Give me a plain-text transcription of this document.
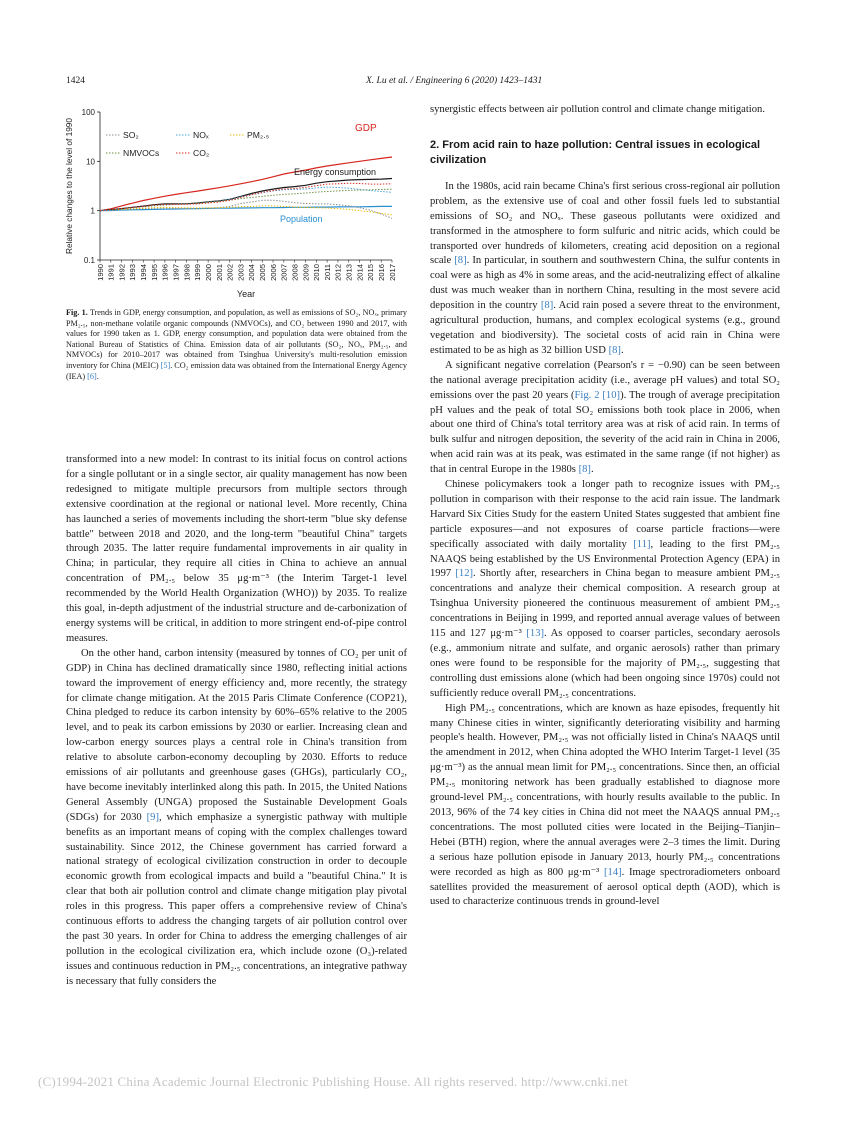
1424	X. Lu et al. / Engineering 6 (2020) 1423–1431
0.1
1
10
100
1990 1991 1992 1993 1994 1995 1996 1997 1998 1999 2000 2001 2002 2003 2004 2005 2006 2007 2008 2009 2010 2011 2012 2013 2014 2015 2016 2017
Year
Relative changes to the level of 1990	SO₂	NOₓ	PM₂.₅
NMVOCs	CO₂
GDP
Energy consumption
Population
Fig. 1. Trends in GDP, energy consumption, and population, as well as emissions of SO₂, NOₓ, primary PM₂.₅, non-methane volatile organic compounds (NMVOCs), and CO₂ between 1990 and 2017, with values for 1990 taken as 1. GDP, energy consumption, and population data were obtained from the National Bureau of Statistics of China. Emission data of air pollutants (SO₂, NOₓ, PM₂.₅, and NMVOCs) for 2010–2017 was obtained from Tsinghua University's multi-resolution emission inventory for China (MEIC) [5]. CO₂ emission data was obtained from the International Energy Agency (IEA) [6].

synergistic effects between air pollution control and climate change mitigation.

2. From acid rain to haze pollution: Central issues in ecological civilization

In the 1980s, acid rain became China's first serious cross-regional air pollution problem, as the extensive use of coal and other fossil fuels led to substantial emissions of SO₂ and NOₓ. These gaseous pollutants were oxidized and transformed in the atmosphere to form sulfuric and nitric acids, which could be transported over hundreds of kilometers, creating acid deposition on a regional scale [8]. In particular, in southern and southwestern China, the sulfur contents in coal were as high as 4% in some areas, and the acid-neutralizing effect of alkaline dust was much weaker than in northern China, resulting in the most severe acid deposition in the country [8]. Acid rain posed a severe threat to the environment, agricultural production, humans, and complex ecological systems (e.g., ground vegetation and biodiversity). The societal costs of acid rain in China were estimated to be as high as 32 billion USD [8].

A significant negative correlation (Pearson's r = −0.90) can be seen between the national average precipitation acidity (i.e., average pH values) and total SO₂ emissions over the past 20 years (Fig. 2 [10]). The trough of average precipitation pH values and the peak of total SO₂ emissions both took place in 2006, when about one third of China's total territory area was at risk of acid rain. In terms of bulk sulfur and nitrogen deposition, the severity of the acid rain in China in 2006, when acid rain was at its peak, was estimated in the same range (if not higher) as that in central Europe in the 1980s [8].

Chinese policymakers took a longer path to recognize issues with PM₂.₅ pollution in comparison with their response to the acid rain issue. The landmark Harvard Six Cities Study for the eastern United States suggested that ambient fine particle exposures—and not exposures of coarse particle fractions—were specifically associated with daily mortality [11], leading to the first PM₂.₅ NAAQS being established by the US Environmental Protection Agency (EPA) in 1997 [12]. Shortly after, researchers in China began to measure ambient PM₂.₅ concentrations and analyze their chemical composition. A research group at Tsinghua University pioneered the continuous measurement of ambient PM₂.₅ concentrations in Beijing in 1999, and reported annual average values of between 115 and 127 μg·m⁻³ [13]. As opposed to coarser particles, secondary aerosols (e.g., ammonium nitrate and sulfate, and organic aerosols) rather than primary ones were found to be responsible for the majority of PM₂.₅, suggesting that controlling dust emissions alone (which had been ongoing since 1970s) could not sufficiently reduce overall PM₂.₅ concentrations.

High PM₂.₅ concentrations, which are known as haze episodes, frequently hit many Chinese cities in winter, significantly deteriorating visibility and harming people's health. However, PM₂.₅ was not officially listed in China's NAAQS until the amendment in 2012, when China adopted the WHO Interim Target-1 level (35 μg·m⁻³) as the annual mean limit for PM₂.₅ concentrations. Since then, an official PM₂.₅ monitoring network has been gradually established to diagnose more ground-level PM₂.₅ concentrations, with hourly results available to the public. In 2013, 96% of the 74 key cities in China did not meet the NAAQS annual PM₂.₅ concentrations. The most polluted cities were located in the Beijing–Tianjin–Hebei (BTH) region, where the annual averages were 2–3 times the limit. During a serious haze pollution episode in January 2013, hourly PM₂.₅ concentrations were recorded as high as 800 μg·m⁻³ [14]. Image spectroradiometers onboard satellites provided the measurement of aerosol optical depth (AOD), which is used to characterize continuous trends in ground-level

transformed into a new model: In contrast to its initial focus on control actions for a single pollutant or in a single sector, air quality management has now been redesigned to mitigate multiple precursors from multiple sectors through extensive coordination at the regional or national level. More recently, China has launched a series of movements including the short-term "blue sky defense battle" between 2018 and 2020, and the long-term "beautiful China" targets through 2035. The latter require fundamental improvements in air quality in China; in particular, they require all cities in China to achieve an annual concentration of PM₂.₅ below 35 μg·m⁻³ (the Interim Target-1 level recommended by the World Health Organization (WHO)) by 2035. To realize this goal, in-depth adjustment of the industrial structure and de-carbonization of energy systems will be critical, in addition to more stringent end-of-pipe control measures.

On the other hand, carbon intensity (measured by tonnes of CO₂ per unit of GDP) in China has declined dramatically since 1980, reflecting initial actions toward the improvement of energy efficiency and, more recently, the strategy for climate change mitigation. At the 2015 Paris Climate Conference (COP21), China pledged to reduce its carbon intensity by 60%–65% relative to the 2005 level, and to peak its carbon emissions by 2030 or earlier. Increasing clean and low-carbon energy sources plays a central role in China's transition from relative to absolute carbon-economy decoupling by 2030. Efforts to reduce emissions of air pollutants and greenhouse gases (GHGs), particularly CO₂, have become inevitably interlinked along this path. In 2015, the United Nations General Assembly (UNGA) proposed the Sustainable Development Goals (SDGs) for 2030 [9], which emphasize a synergistic pathway with multiple benefits as an important means of coping with the complex challenges toward sustainability. Since 2012, the Chinese government has carried forward a national strategy of ecological civilization construction in order to decouple economic growth from ecological impacts and build a "beautiful China." It is clear that both air pollution control and climate change mitigation play pivotal roles in this progress. This paper offers a comprehensive review of China's continuous efforts to address the changing targets of air pollution control over the past 30 years. In order for China to address the emerging challenges of air pollution in the ecological civilization era, which include ozone (O₃)-related issues and continuous reduction in PM₂.₅ concentrations, an integrative pathway is necessary that fully considers the

(C)1994-2021 China Academic Journal Electronic Publishing House. All rights reserved. http://www.cnki.net
